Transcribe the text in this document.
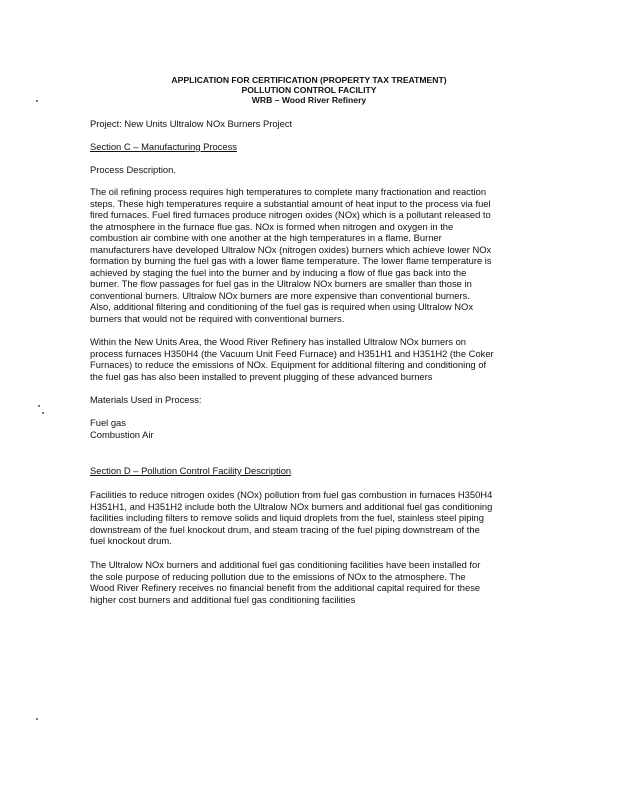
APPLICATION FOR CERTIFICATION (PROPERTY TAX TREATMENT)
POLLUTION CONTROL FACILITY
WRB – Wood River Refinery
Project: New Units Ultralow NOx Burners Project
Section C – Manufacturing Process
Process Description.
The oil refining process requires high temperatures to complete many fractionation and reaction
steps. These high temperatures require a substantial amount of heat input to the process via fuel
fired furnaces. Fuel fired furnaces produce nitrogen oxides (NOx) which is a pollutant released to
the atmosphere in the furnace flue gas. NOx is formed when nitrogen and oxygen in the
combustion air combine with one another at the high temperatures in a flame. Burner
manufacturers have developed Ultralow NOx (nitrogen oxides) burners which achieve lower NOx
formation by burning the fuel gas with a lower flame temperature. The lower flame temperature is
achieved by staging the fuel into the burner and by inducing a flow of flue gas back into the
burner. The flow passages for fuel gas in the Ultralow NOx burners are smaller than those in
conventional burners. Ultralow NOx burners are more expensive than conventional burners.
Also, additional filtering and conditioning of the fuel gas is required when using Ultralow NOx
burners that would not be required with conventional burners.
Within the New Units Area, the Wood River Refinery has installed Ultralow NOx burners on
process furnaces H350H4 (the Vacuum Unit Feed Furnace) and H351H1 and H351H2 (the Coker
Furnaces) to reduce the emissions of NOx. Equipment for additional filtering and conditioning of
the fuel gas has also been installed to prevent plugging of these advanced burners
Materials Used in Process:
Fuel gas
Combustion Air
Section D – Pollution Control Facility Description
Facilities to reduce nitrogen oxides (NOx) pollution from fuel gas combustion in furnaces H350H4
H351H1, and H351H2 include both the Ultralow NOx burners and additional fuel gas conditioning
facilities including filters to remove solids and liquid droplets from the fuel, stainless steel piping
downstream of the fuel knockout drum, and steam tracing of the fuel piping downstream of the
fuel knockout drum.
The Ultralow NOx burners and additional fuel gas conditioning facilities have been installed for
the sole purpose of reducing pollution due to the emissions of NOx to the atmosphere. The
Wood River Refinery receives no financial benefit from the additional capital required for these
higher cost burners and additional fuel gas conditioning facilities
